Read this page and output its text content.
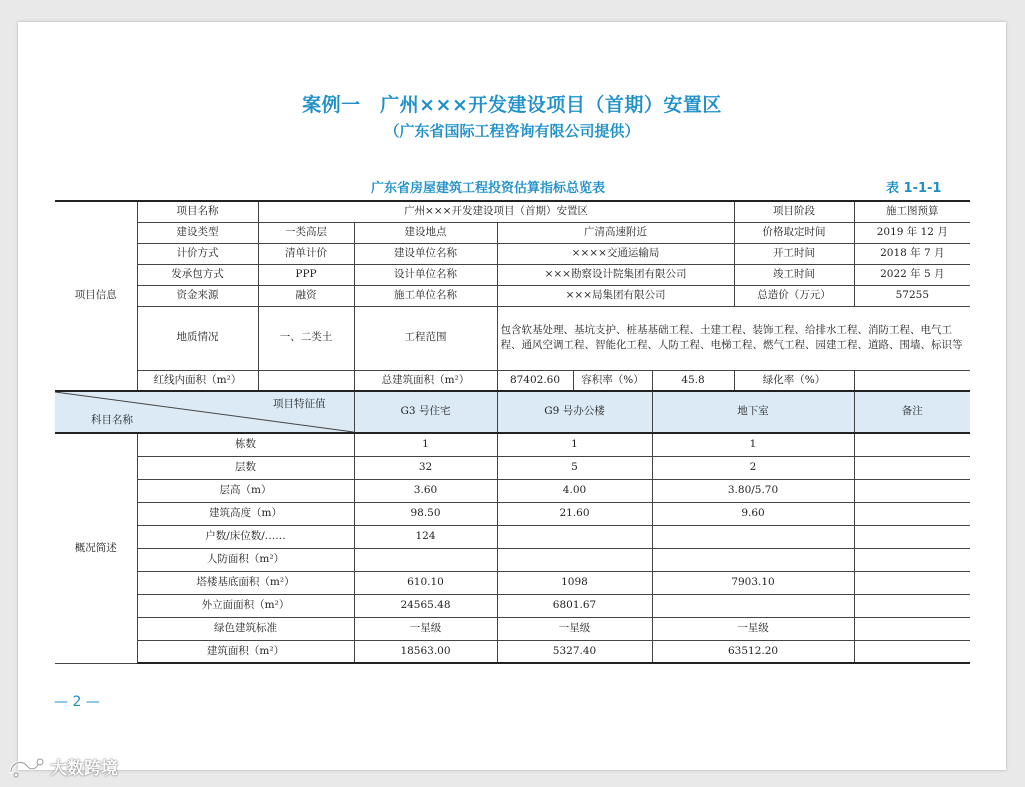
案例一　广州×××开发建设项目（首期）安置区
（广东省国际工程咨询有限公司提供）
广东省房屋建筑工程投资估算指标总览表	表 1-1-1
项目信息	项目名称	广州×××开发建设项目（首期）安置区					项目阶段	施工图预算
	建设类型	一类高层	建设地点	广清高速附近			价格取定时间	2019 年 12 月
	计价方式	清单计价	建设单位名称	××××交通运输局			开工时间	2018 年 7 月
	发承包方式	PPP	设计单位名称	×××勘察设计院集团有限公司			竣工时间	2022 年 5 月
	资金来源	融资	施工单位名称	×××局集团有限公司			总造价（万元）	57255
	地质情况	一、二类土	工程范围	包含软基处理、基坑支护、桩基基础工程、土建工程、装饰工程、给排水工程、消防工程、电气工程、通风空调工程、智能化工程、人防工程、电梯工程、燃气工程、园建工程、道路、围墙、标识等				
	红线内面积（m²）		总建筑面积（m²）	87402.60	容积率（%）	45.8	绿化率（%）	

项目特征值
科目名称			G3 号住宅	G9 号办公楼		地下室		备注
概况简述	栋数		1	1		1		
	层数		32	5		2		
	层高（m）		3.60	4.00		3.80/5.70		
	建筑高度（m）		98.50	21.60		9.60		
	户数/床位数/……		124					
	人防面积（m²）							
	塔楼基底面积（m²）		610.10	1098		7903.10		
	外立面面积（m²）		24565.48	6801.67				
	绿色建筑标准		一星级	一星级		一星级		
	建筑面积（m²）		18563.00	5327.40		63512.20		
— 2 —
大数跨境
